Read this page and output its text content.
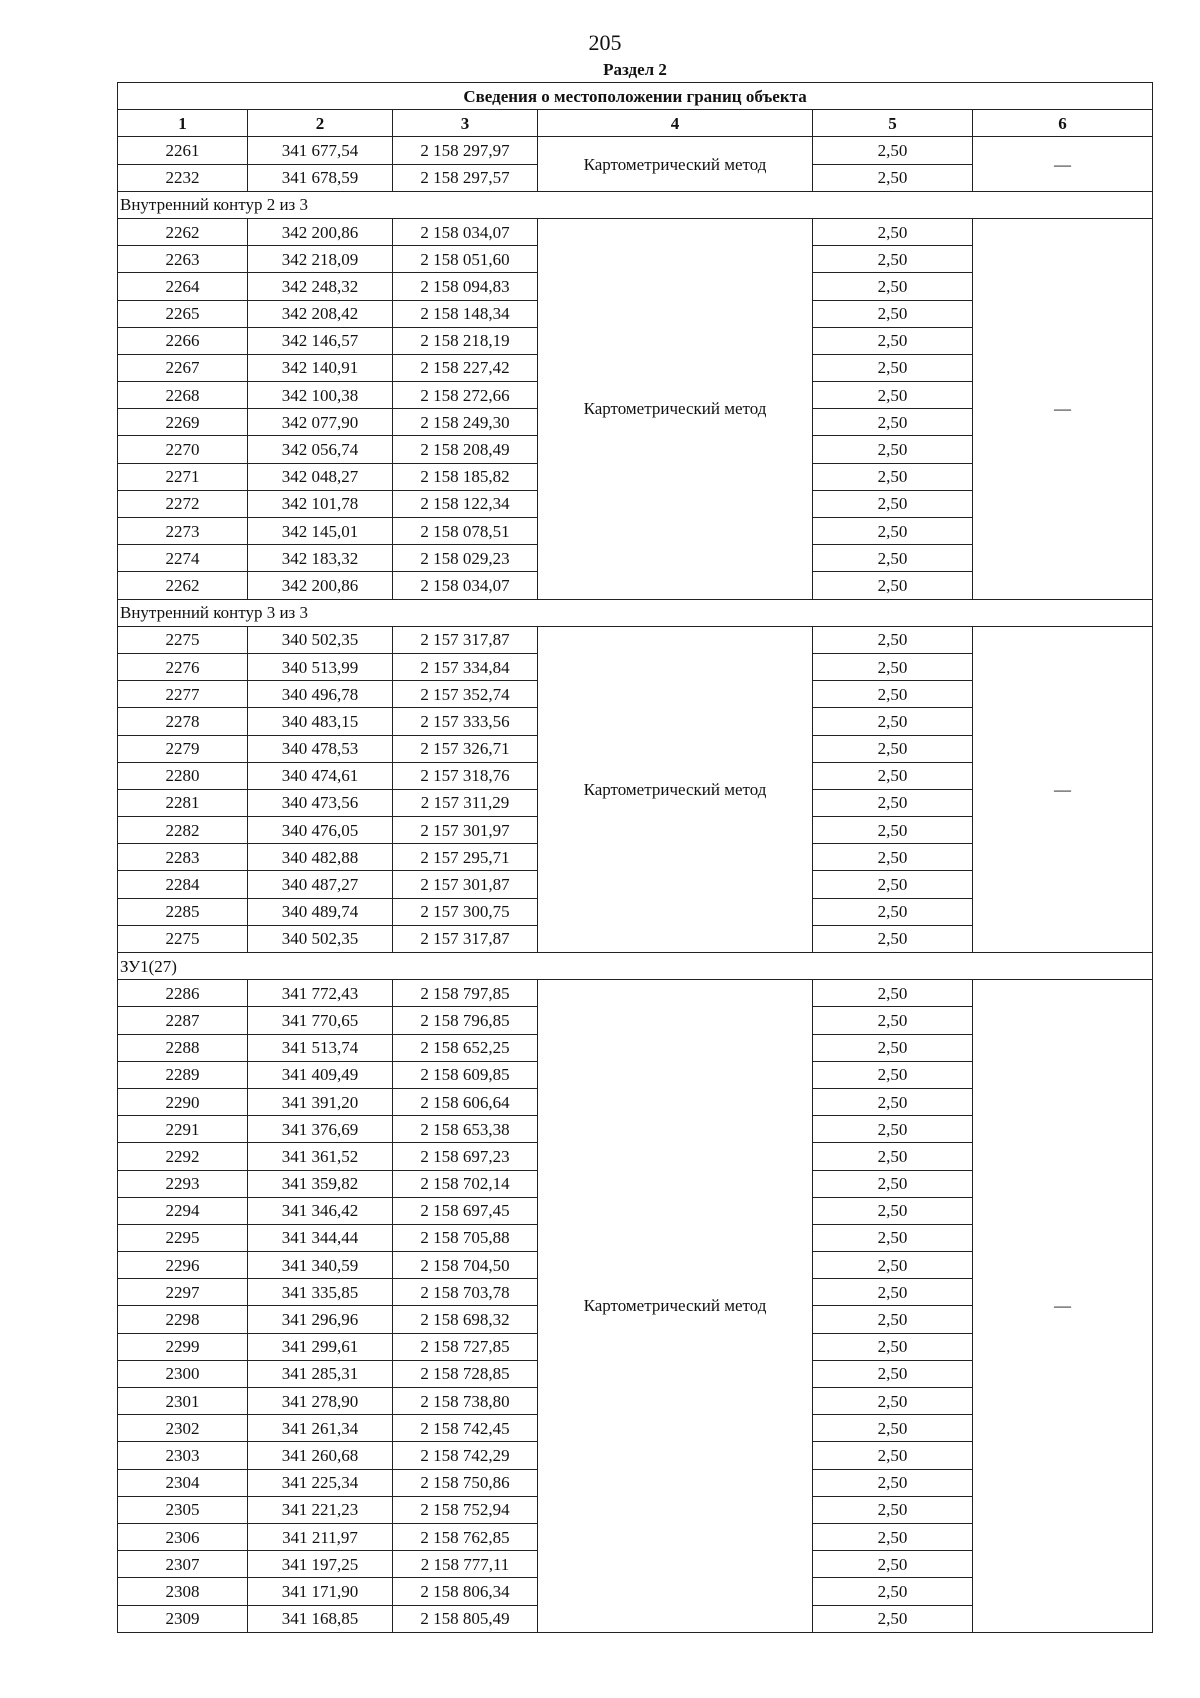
205
Раздел 2
Сведения о местоположении границ объекта					
1	2	3	4	5	6
2261	341 677,54	2 158 297,97	Картометрический метод	2,50	—
2232	341 678,59	2 158 297,57		2,50	
Внутренний контур 2 из 3					
2262	342 200,86	2 158 034,07	Картометрический метод	2,50	—
2263	342 218,09	2 158 051,60		2,50	
2264	342 248,32	2 158 094,83		2,50	
2265	342 208,42	2 158 148,34		2,50	
2266	342 146,57	2 158 218,19		2,50	
2267	342 140,91	2 158 227,42		2,50	
2268	342 100,38	2 158 272,66		2,50	
2269	342 077,90	2 158 249,30		2,50	
2270	342 056,74	2 158 208,49		2,50	
2271	342 048,27	2 158 185,82		2,50	
2272	342 101,78	2 158 122,34		2,50	
2273	342 145,01	2 158 078,51		2,50	
2274	342 183,32	2 158 029,23		2,50	
2262	342 200,86	2 158 034,07		2,50	
Внутренний контур 3 из 3					
2275	340 502,35	2 157 317,87	Картометрический метод	2,50	—
2276	340 513,99	2 157 334,84		2,50	
2277	340 496,78	2 157 352,74		2,50	
2278	340 483,15	2 157 333,56		2,50	
2279	340 478,53	2 157 326,71		2,50	
2280	340 474,61	2 157 318,76		2,50	
2281	340 473,56	2 157 311,29		2,50	
2282	340 476,05	2 157 301,97		2,50	
2283	340 482,88	2 157 295,71		2,50	
2284	340 487,27	2 157 301,87		2,50	
2285	340 489,74	2 157 300,75		2,50	
2275	340 502,35	2 157 317,87		2,50	
ЗУ1(27)					
2286	341 772,43	2 158 797,85	Картометрический метод	2,50	—
2287	341 770,65	2 158 796,85		2,50	
2288	341 513,74	2 158 652,25		2,50	
2289	341 409,49	2 158 609,85		2,50	
2290	341 391,20	2 158 606,64		2,50	
2291	341 376,69	2 158 653,38		2,50	
2292	341 361,52	2 158 697,23		2,50	
2293	341 359,82	2 158 702,14		2,50	
2294	341 346,42	2 158 697,45		2,50	
2295	341 344,44	2 158 705,88		2,50	
2296	341 340,59	2 158 704,50		2,50	
2297	341 335,85	2 158 703,78		2,50	
2298	341 296,96	2 158 698,32		2,50	
2299	341 299,61	2 158 727,85		2,50	
2300	341 285,31	2 158 728,85		2,50	
2301	341 278,90	2 158 738,80		2,50	
2302	341 261,34	2 158 742,45		2,50	
2303	341 260,68	2 158 742,29		2,50	
2304	341 225,34	2 158 750,86		2,50	
2305	341 221,23	2 158 752,94		2,50	
2306	341 211,97	2 158 762,85		2,50	
2307	341 197,25	2 158 777,11		2,50	
2308	341 171,90	2 158 806,34		2,50	
2309	341 168,85	2 158 805,49		2,50	
